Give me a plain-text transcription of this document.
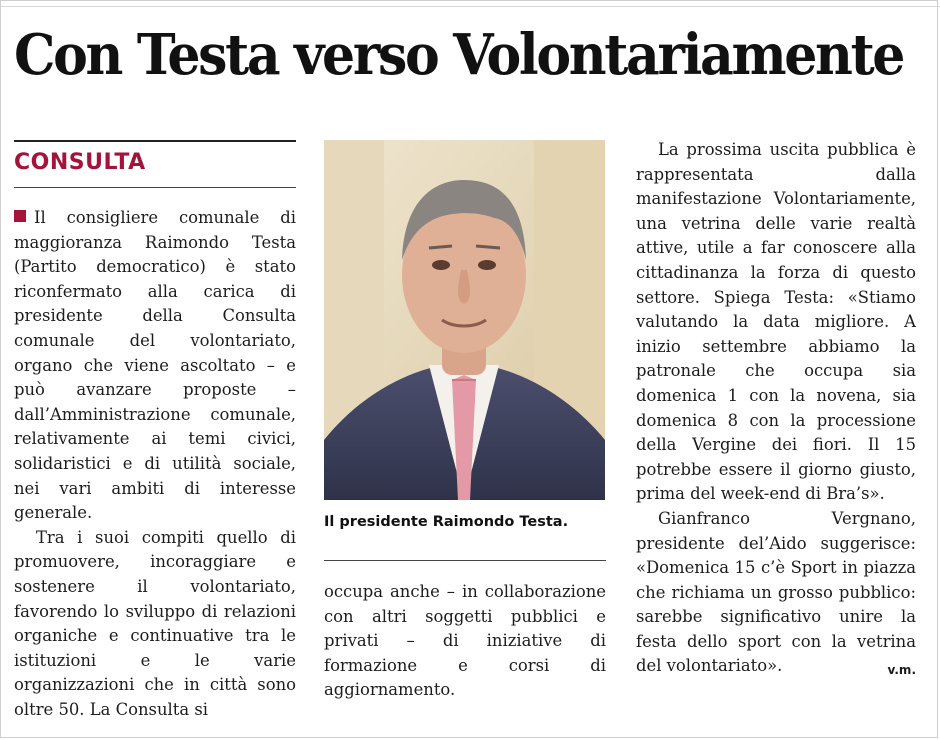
Con Testa verso Volontariamente
CONSULTA

Il consigliere comunale di maggioranza Raimondo Testa (Partito democratico) è stato riconfermato alla carica di presidente della Consulta comunale del volontariato, organo che viene ascoltato – e può avanzare proposte – dall’Amministrazione comunale, relativamente ai temi civici, solidaristici e di utilità sociale, nei vari ambiti di interesse generale.

Tra i suoi compiti quello di promuovere, incoraggiare e sostenere il volontariato, favorendo lo sviluppo di relazioni organiche e continuative tra le istituzioni e le varie organizzazioni che in città sono oltre 50. La Consulta si

Il presidente Raimondo Testa.

occupa anche – in collaborazione con altri soggetti pubblici e privati – di iniziative di formazione e corsi di aggiornamento.

La prossima uscita pubblica è rappresentata dalla manifestazione Volontariamente, una vetrina delle varie realtà attive, utile a far conoscere alla cittadinanza la forza di questo settore. Spiega Testa: «Stiamo valutando la data migliore. A inizio settembre abbiamo la patronale che occupa sia domenica 1 con la novena, sia domenica 8 con la processione della Vergine dei fiori. Il 15 potrebbe essere il giorno giusto, prima del week-end di Bra’s».

Gianfranco Vergnano, presidente del’Aido suggerisce: «Domenica 15 c’è Sport in piazza che richiama un grosso pubblico: sarebbe significativo unire la festa dello sport con la vetrina del volontariato».	v.m.
